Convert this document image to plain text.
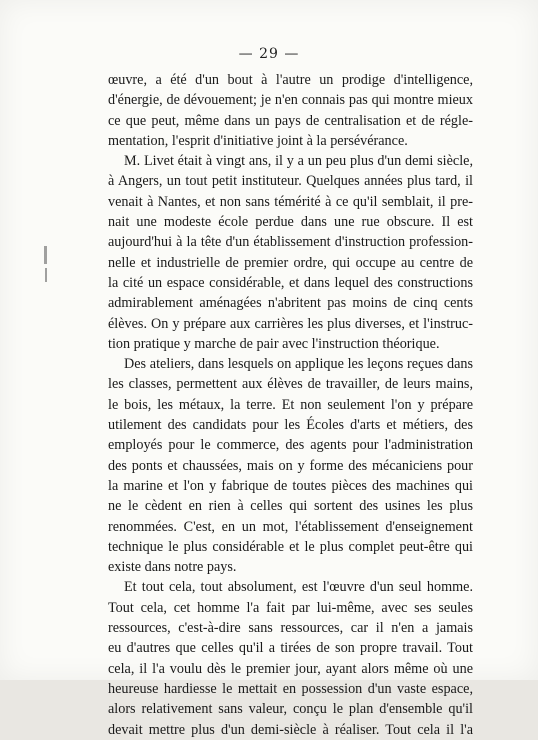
— 29 —
œuvre, a été d'un bout à l'autre un prodige d'intelligence,
d'énergie, de dévouement; je n'en connais pas qui montre mieux
ce que peut, même dans un pays de centralisation et de régle-
mentation, l'esprit d'initiative joint à la persévérance.
M. Livet était à vingt ans, il y a un peu plus d'un demi siècle,
à Angers, un tout petit instituteur. Quelques années plus tard, il
venait à Nantes, et non sans témérité à ce qu'il semblait, il pre-
nait une modeste école perdue dans une rue obscure. Il est
aujourd'hui à la tête d'un établissement d'instruction profession-
nelle et industrielle de premier ordre, qui occupe au centre de
la cité un espace considérable, et dans lequel des constructions
admirablement aménagées n'abritent pas moins de cinq cents
élèves. On y prépare aux carrières les plus diverses, et l'instruc-
tion pratique y marche de pair avec l'instruction théorique.
Des ateliers, dans lesquels on applique les leçons reçues dans
les classes, permettent aux élèves de travailler, de leurs mains,
le bois, les métaux, la terre. Et non seulement l'on y prépare
utilement des candidats pour les Écoles d'arts et métiers, des
employés pour le commerce, des agents pour l'administration
des ponts et chaussées, mais on y forme des mécaniciens pour
la marine et l'on y fabrique de toutes pièces des machines qui
ne le cèdent en rien à celles qui sortent des usines les plus
renommées. C'est, en un mot, l'établissement d'enseignement
technique le plus considérable et le plus complet peut-être qui
existe dans notre pays.
Et tout cela, tout absolument, est l'œuvre d'un seul homme.
Tout cela, cet homme l'a fait par lui-même, avec ses seules
ressources, c'est-à-dire sans ressources, car il n'en a jamais
eu d'autres que celles qu'il a tirées de son propre travail. Tout
cela, il l'a voulu dès le premier jour, ayant alors même où une
heureuse hardiesse le mettait en possession d'un vaste espace,
alors relativement sans valeur, conçu le plan d'ensemble qu'il
devait mettre plus d'un demi-siècle à réaliser. Tout cela il l'a
